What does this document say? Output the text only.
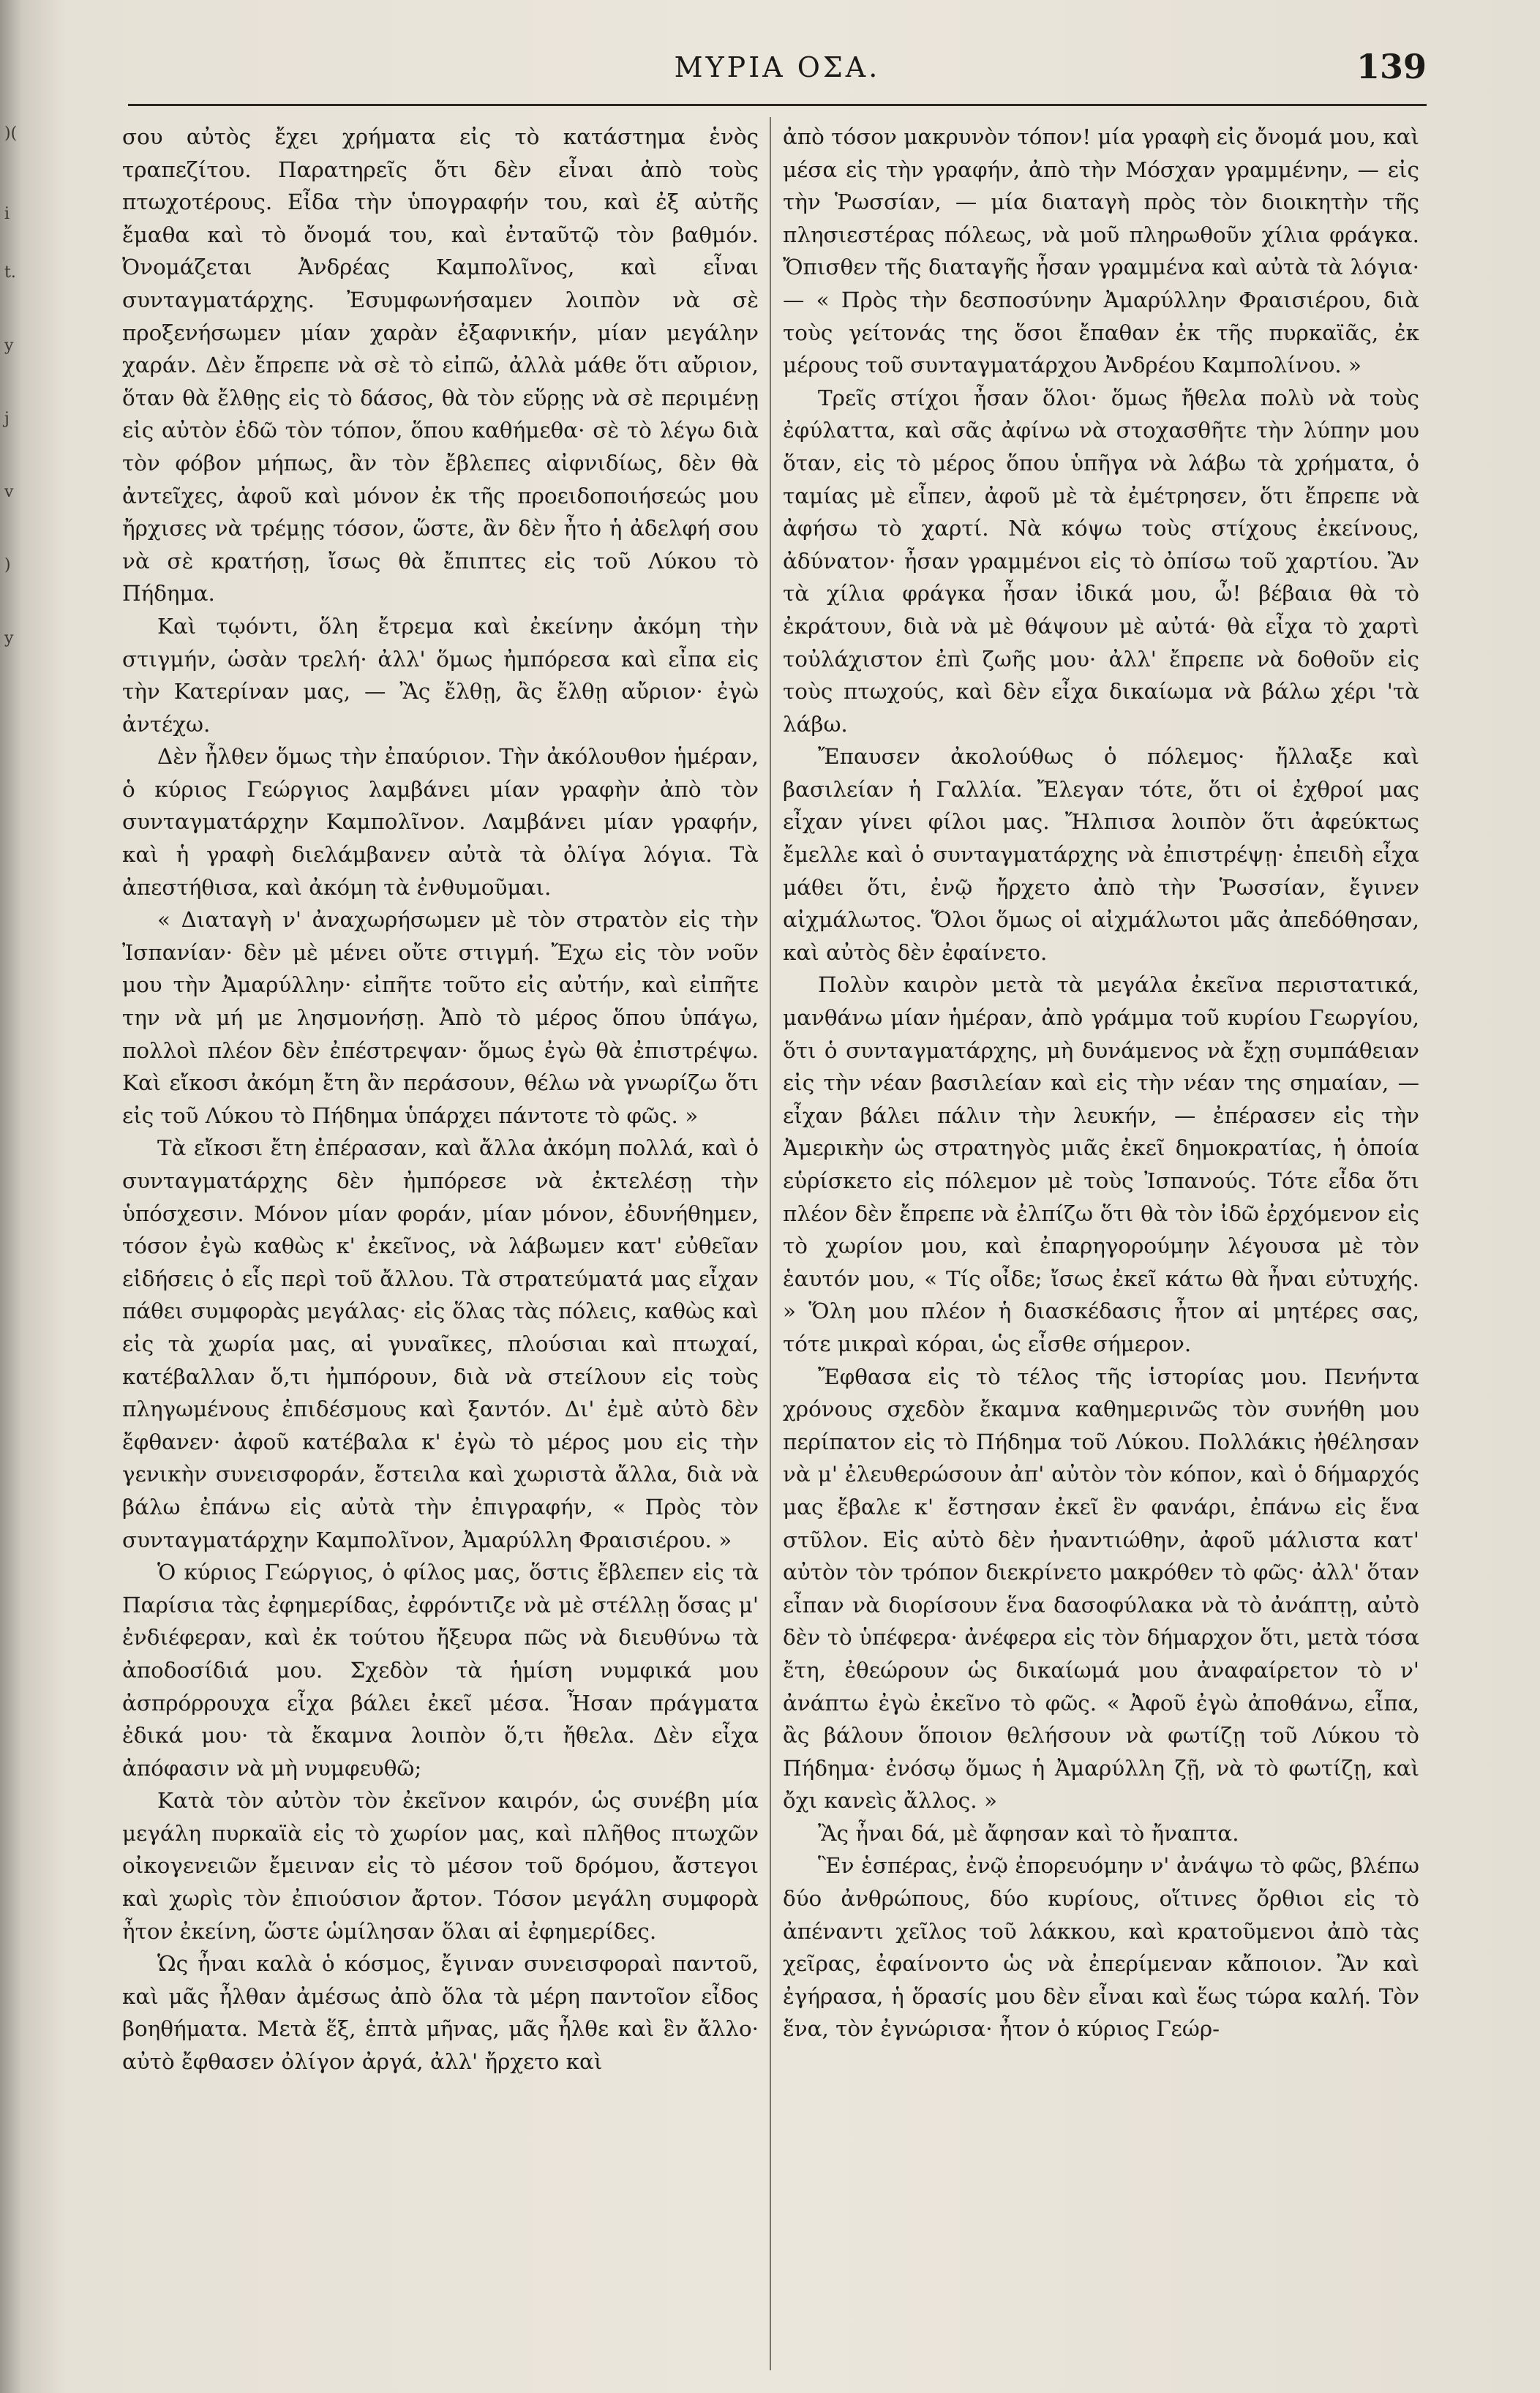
)(
i
t.
y
j
v
)
y
ΜΥΡΙΑ ΟΣΑ.	139

σου αὐτὸς ἔχει χρήματα εἰς τὸ κατάστημα ἑνὸς τραπεζίτου. Παρατηρεῖς ὅτι δὲν εἶναι ἀπὸ τοὺς πτωχοτέρους. Εἶδα τὴν ὑπογραφήν του, καὶ ἐξ αὐτῆς ἔμαθα καὶ τὸ ὄνομά του, καὶ ἐνταῦτῷ τὸν βαθμόν. Ὀνομάζεται Ἀνδρέας Καμπολῖνος, καὶ εἶναι συνταγματάρχης. Ἐσυμφωνήσαμεν λοιπὸν νὰ σὲ προξενήσωμεν μίαν χαρὰν ἐξαφνικήν, μίαν μεγάλην χαράν. Δὲν ἔπρεπε νὰ σὲ τὸ εἰπῶ, ἀλλὰ μάθε ὅτι αὔριον, ὅταν θὰ ἔλθῃς εἰς τὸ δάσος, θὰ τὸν εὕρῃς νὰ σὲ περιμένῃ εἰς αὐτὸν ἐδῶ τὸν τόπον, ὅπου καθήμεθα· σὲ τὸ λέγω διὰ τὸν φόβον μήπως, ἂν τὸν ἔβλεπες αἰφνιδίως, δὲν θὰ ἀντεῖχες, ἀφοῦ καὶ μόνον ἐκ τῆς προειδοποιήσεώς μου ἤρχισες νὰ τρέμῃς τόσον, ὥστε, ἂν δὲν ἦτο ἡ ἀδελφή σου νὰ σὲ κρατήσῃ, ἴσως θὰ ἔπιπτες εἰς τοῦ Λύκου τὸ Πήδημα.

Καὶ τῳόντι, ὅλη ἔτρεμα καὶ ἐκείνην ἀκόμη τὴν στιγμήν, ὡσὰν τρελή· ἀλλ' ὅμως ἠμπόρεσα καὶ εἶπα εἰς τὴν Κατερίναν μας, — Ἂς ἔλθῃ, ἂς ἔλθῃ αὔριον· ἐγὼ ἀντέχω.

Δὲν ἦλθεν ὅμως τὴν ἐπαύριον. Τὴν ἀκόλουθον ἡμέραν, ὁ κύριος Γεώργιος λαμβάνει μίαν γραφὴν ἀπὸ τὸν συνταγματάρχην Καμπολῖνον. Λαμβάνει μίαν γραφήν, καὶ ἡ γραφὴ διελάμβανεν αὐτὰ τὰ ὀλίγα λόγια. Τὰ ἀπεστήθισα, καὶ ἀκόμη τὰ ἐνθυμοῦμαι.

« Διαταγὴ ν' ἀναχωρήσωμεν μὲ τὸν στρατὸν εἰς τὴν Ἰσπανίαν· δὲν μὲ μένει οὔτε στιγμή. Ἔχω εἰς τὸν νοῦν μου τὴν Ἀμαρύλλην· εἰπῆτε τοῦτο εἰς αὐτήν, καὶ εἰπῆτε την νὰ μή με λησμονήσῃ. Ἀπὸ τὸ μέρος ὅπου ὑπάγω, πολλοὶ πλέον δὲν ἐπέστρεψαν· ὅμως ἐγὼ θὰ ἐπιστρέψω. Καὶ εἴκοσι ἀκόμη ἔτη ἂν περάσουν, θέλω νὰ γνωρίζω ὅτι εἰς τοῦ Λύκου τὸ Πήδημα ὑπάρχει πάντοτε τὸ φῶς. »

Τὰ εἴκοσι ἔτη ἐπέρασαν, καὶ ἄλλα ἀκόμη πολλά, καὶ ὁ συνταγματάρχης δὲν ἠμπόρεσε νὰ ἐκτελέσῃ τὴν ὑπόσχεσιν. Μόνον μίαν φοράν, μίαν μόνον, ἐδυνήθημεν, τόσον ἐγὼ καθὼς κ' ἐκεῖνος, νὰ λάβωμεν κατ' εὐθεῖαν εἰδήσεις ὁ εἷς περὶ τοῦ ἄλλου. Τὰ στρατεύματά μας εἶχαν πάθει συμφορὰς μεγάλας· εἰς ὅλας τὰς πόλεις, καθὼς καὶ εἰς τὰ χωρία μας, αἱ γυναῖκες, πλούσιαι καὶ πτωχαί, κατέβαλλαν ὅ,τι ἠμπόρουν, διὰ νὰ στείλουν εἰς τοὺς πληγωμένους ἐπιδέσμους καὶ ξαντόν. Δι' ἐμὲ αὐτὸ δὲν ἔφθανεν· ἀφοῦ κατέβαλα κ' ἐγὼ τὸ μέρος μου εἰς τὴν γενικὴν συνεισφοράν, ἔστειλα καὶ χωριστὰ ἄλλα, διὰ νὰ βάλω ἐπάνω εἰς αὐτὰ τὴν ἐπιγραφήν, « Πρὸς τὸν συνταγματάρχην Καμπολῖνον, Ἀμαρύλλη Φραισιέρου. »

Ὁ κύριος Γεώργιος, ὁ φίλος μας, ὅστις ἔβλεπεν εἰς τὰ Παρίσια τὰς ἐφημερίδας, ἐφρόντιζε νὰ μὲ στέλλῃ ὅσας μ' ἐνδιέφεραν, καὶ ἐκ τούτου ἤξευρα πῶς νὰ διευθύνω τὰ ἀποδοσίδιά μου. Σχεδὸν τὰ ἡμίση νυμφικά μου ἀσπρόρρουχα εἶχα βάλει ἐκεῖ μέσα. Ἦσαν πράγματα ἐδικά μου· τὰ ἔκαμνα λοιπὸν ὅ,τι ἤθελα. Δὲν εἶχα ἀπόφασιν νὰ μὴ νυμφευθῶ;

Κατὰ τὸν αὐτὸν τὸν ἐκεῖνον καιρόν, ὡς συνέβη μία μεγάλη πυρκαϊὰ εἰς τὸ χωρίον μας, καὶ πλῆθος πτωχῶν οἰκογενειῶν ἔμειναν εἰς τὸ μέσον τοῦ δρόμου, ἄστεγοι καὶ χωρὶς τὸν ἐπιούσιον ἄρτον. Τόσον μεγάλη συμφορὰ ἦτον ἐκείνη, ὥστε ὡμίλησαν ὅλαι αἱ ἐφημερίδες.

Ὡς ἦναι καλὰ ὁ κόσμος, ἔγιναν συνεισφοραὶ παντοῦ, καὶ μᾶς ἦλθαν ἀμέσως ἀπὸ ὅλα τὰ μέρη παντοῖον εἶδος βοηθήματα. Μετὰ ἕξ, ἑπτὰ μῆνας, μᾶς ἦλθε καὶ ἓν ἄλλο· αὐτὸ ἔφθασεν ὀλίγον ἀργά, ἀλλ' ἤρχετο καὶ

ἀπὸ τόσον μακρυνὸν τόπον! μία γραφὴ εἰς ὄνομά μου, καὶ μέσα εἰς τὴν γραφήν, ἀπὸ τὴν Μόσχαν γραμμένην, — εἰς τὴν Ῥωσσίαν, — μία διαταγὴ πρὸς τὸν διοικητὴν τῆς πλησιεστέρας πόλεως, νὰ μοῦ πληρωθοῦν χίλια φράγκα. Ὄπισθεν τῆς διαταγῆς ἦσαν γραμμένα καὶ αὐτὰ τὰ λόγια· — « Πρὸς τὴν δεσποσύνην Ἀμαρύλλην Φραισιέρου, διὰ τοὺς γείτονάς της ὅσοι ἔπαθαν ἐκ τῆς πυρκαϊᾶς, ἐκ μέρους τοῦ συνταγματάρχου Ἀνδρέου Καμπολίνου. »

Τρεῖς στίχοι ἦσαν ὅλοι· ὅμως ἤθελα πολὺ νὰ τοὺς ἐφύλαττα, καὶ σᾶς ἀφίνω νὰ στοχασθῆτε τὴν λύπην μου ὅταν, εἰς τὸ μέρος ὅπου ὑπῆγα νὰ λάβω τὰ χρήματα, ὁ ταμίας μὲ εἶπεν, ἀφοῦ μὲ τὰ ἐμέτρησεν, ὅτι ἔπρεπε νὰ ἀφήσω τὸ χαρτί. Νὰ κόψω τοὺς στίχους ἐκείνους, ἀδύνατον· ἦσαν γραμμένοι εἰς τὸ ὀπίσω τοῦ χαρτίου. Ἂν τὰ χίλια φράγκα ἦσαν ἰδικά μου, ὦ! βέβαια θὰ τὸ ἐκράτουν, διὰ νὰ μὲ θάψουν μὲ αὐτά· θὰ εἶχα τὸ χαρτὶ τοὐλάχιστον ἐπὶ ζωῆς μου· ἀλλ' ἔπρεπε νὰ δοθοῦν εἰς τοὺς πτωχούς, καὶ δὲν εἶχα δικαίωμα νὰ βάλω χέρι 'τὰ λάβω.

Ἔπαυσεν ἀκολούθως ὁ πόλεμος· ἤλλαξε καὶ βασιλείαν ἡ Γαλλία. Ἔλεγαν τότε, ὅτι οἱ ἐχθροί μας εἶχαν γίνει φίλοι μας. Ἤλπισα λοιπὸν ὅτι ἀφεύκτως ἔμελλε καὶ ὁ συνταγματάρχης νὰ ἐπιστρέψῃ· ἐπειδὴ εἶχα μάθει ὅτι, ἐνῷ ἤρχετο ἀπὸ τὴν Ῥωσσίαν, ἔγινεν αἰχμάλωτος. Ὅλοι ὅμως οἱ αἰχμάλωτοι μᾶς ἀπεδόθησαν, καὶ αὐτὸς δὲν ἐφαίνετο.

Πολὺν καιρὸν μετὰ τὰ μεγάλα ἐκεῖνα περιστατικά, μανθάνω μίαν ἡμέραν, ἀπὸ γράμμα τοῦ κυρίου Γεωργίου, ὅτι ὁ συνταγματάρχης, μὴ δυνάμενος νὰ ἔχῃ συμπάθειαν εἰς τὴν νέαν βασιλείαν καὶ εἰς τὴν νέαν της σημαίαν, — εἶχαν βάλει πάλιν τὴν λευκήν, — ἐπέρασεν εἰς τὴν Ἀμερικὴν ὡς στρατηγὸς μιᾶς ἐκεῖ δημοκρατίας, ἡ ὁποία εὑρίσκετο εἰς πόλεμον μὲ τοὺς Ἰσπανούς. Τότε εἶδα ὅτι πλέον δὲν ἔπρεπε νὰ ἐλπίζω ὅτι θὰ τὸν ἰδῶ ἐρχόμενον εἰς τὸ χωρίον μου, καὶ ἐπαρηγορούμην λέγουσα μὲ τὸν ἑαυτόν μου, « Τίς οἶδε; ἴσως ἐκεῖ κάτω θὰ ἦναι εὐτυχής. » Ὅλη μου πλέον ἡ διασκέδασις ἦτον αἱ μητέρες σας, τότε μικραὶ κόραι, ὡς εἶσθε σήμερον.

Ἔφθασα εἰς τὸ τέλος τῆς ἱστορίας μου. Πενήντα χρόνους σχεδὸν ἔκαμνα καθημερινῶς τὸν συνήθη μου περίπατον εἰς τὸ Πήδημα τοῦ Λύκου. Πολλάκις ἠθέλησαν νὰ μ' ἐλευθερώσουν ἀπ' αὐτὸν τὸν κόπον, καὶ ὁ δήμαρχός μας ἔβαλε κ' ἔστησαν ἐκεῖ ἓν φανάρι, ἐπάνω εἰς ἕνα στῦλον. Εἰς αὐτὸ δὲν ἠναντιώθην, ἀφοῦ μάλιστα κατ' αὐτὸν τὸν τρόπον διεκρίνετο μακρόθεν τὸ φῶς· ἀλλ' ὅταν εἶπαν νὰ διορίσουν ἕνα δασοφύλακα νὰ τὸ ἀνάπτῃ, αὐτὸ δὲν τὸ ὑπέφερα· ἀνέφερα εἰς τὸν δήμαρχον ὅτι, μετὰ τόσα ἔτη, ἐθεώρουν ὡς δικαίωμά μου ἀναφαίρετον τὸ ν' ἀνάπτω ἐγὼ ἐκεῖνο τὸ φῶς. « Ἀφοῦ ἐγὼ ἀποθάνω, εἶπα, ἂς βάλουν ὅποιον θελήσουν νὰ φωτίζῃ τοῦ Λύκου τὸ Πήδημα· ἐνόσῳ ὅμως ἡ Ἀμαρύλλη ζῇ, νὰ τὸ φωτίζῃ, καὶ ὄχι κανεὶς ἄλλος. »

Ἂς ἦναι δά, μὲ ἄφησαν καὶ τὸ ἤναπτα.

Ἓν ἑσπέρας, ἐνῷ ἐπορευόμην ν' ἀνάψω τὸ φῶς, βλέπω δύο ἀνθρώπους, δύο κυρίους, οἵτινες ὄρθιοι εἰς τὸ ἀπέναντι χεῖλος τοῦ λάκκου, καὶ κρατοῦμενοι ἀπὸ τὰς χεῖρας, ἐφαίνοντο ὡς νὰ ἐπερίμεναν κἄποιον. Ἂν καὶ ἐγήρασα, ἡ ὅρασίς μου δὲν εἶναι καὶ ἕως τώρα καλή. Τὸν ἕνα, τὸν ἐγνώρισα· ἦτον ὁ κύριος Γεώρ-
